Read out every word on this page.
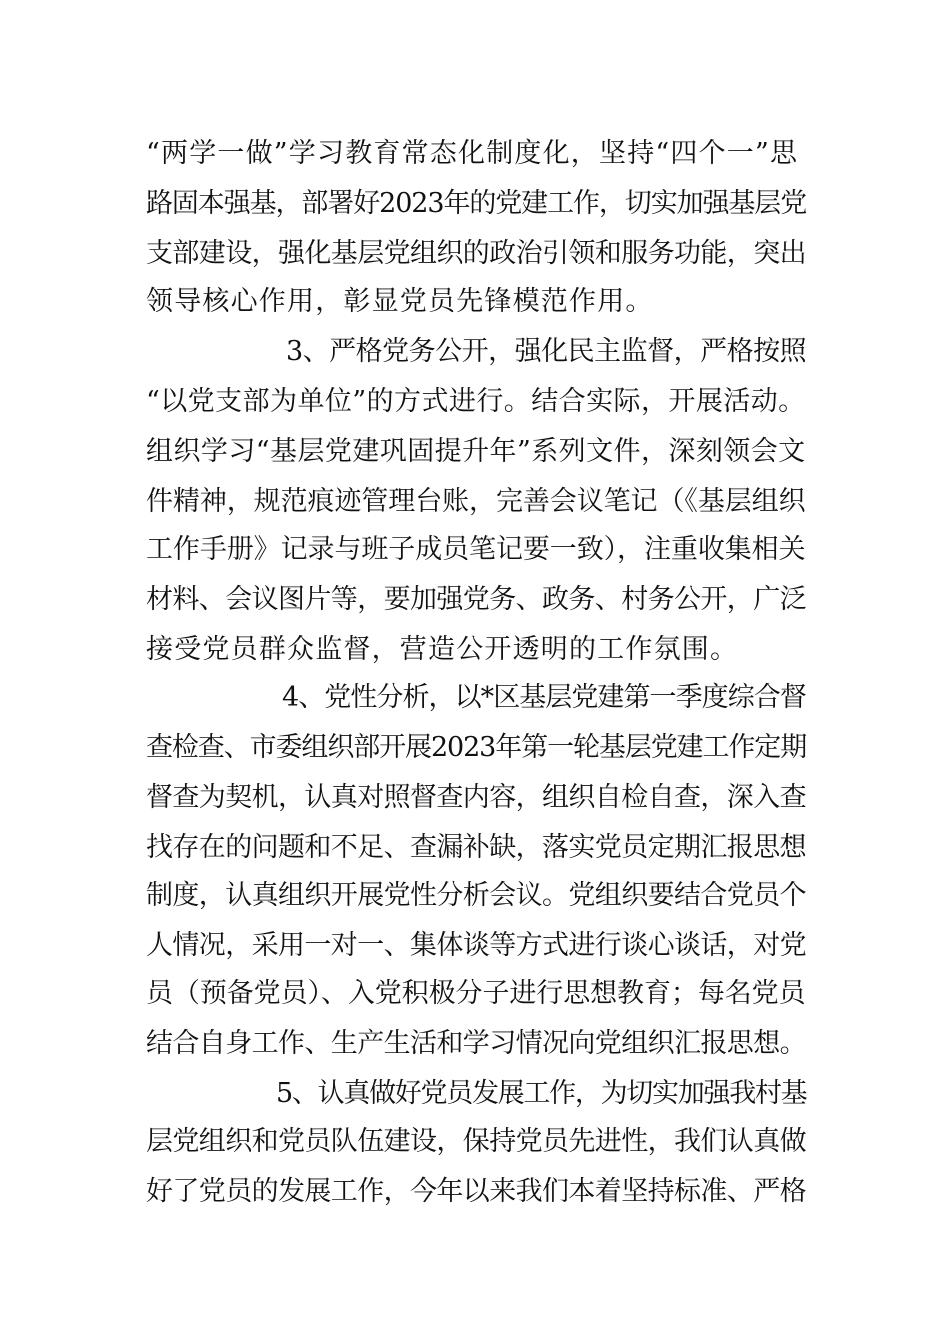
“两学一做”学习教育常态化制度化，坚持“四个一”思
路固本强基，部署好2023年的党建工作，切实加强基层党
支部建设，强化基层党组织的政治引领和服务功能，突出
领导核心作用，彰显党员先锋模范作用。
3、严格党务公开，强化民主监督，严格按照
“以党支部为单位”的方式进行。结合实际，开展活动。
组织学习“基层党建巩固提升年”系列文件，深刻领会文
件精神，规范痕迹管理台账，完善会议笔记（《基层组织
工作手册》记录与班子成员笔记要一致），注重收集相关
材料、会议图片等，要加强党务、政务、村务公开，广泛
接受党员群众监督，营造公开透明的工作氛围。
4、党性分析，以*区基层党建第一季度综合督
查检查、市委组织部开展2023年第一轮基层党建工作定期
督查为契机，认真对照督查内容，组织自检自查，深入查
找存在的问题和不足、查漏补缺，落实党员定期汇报思想
制度，认真组织开展党性分析会议。党组织要结合党员个
人情况，采用一对一、集体谈等方式进行谈心谈话，对党
员（预备党员）、入党积极分子进行思想教育；每名党员
结合自身工作、生产生活和学习情况向党组织汇报思想。
5、认真做好党员发展工作，为切实加强我村基
层党组织和党员队伍建设，保持党员先进性，我们认真做
好了党员的发展工作，今年以来我们本着坚持标准、严格
